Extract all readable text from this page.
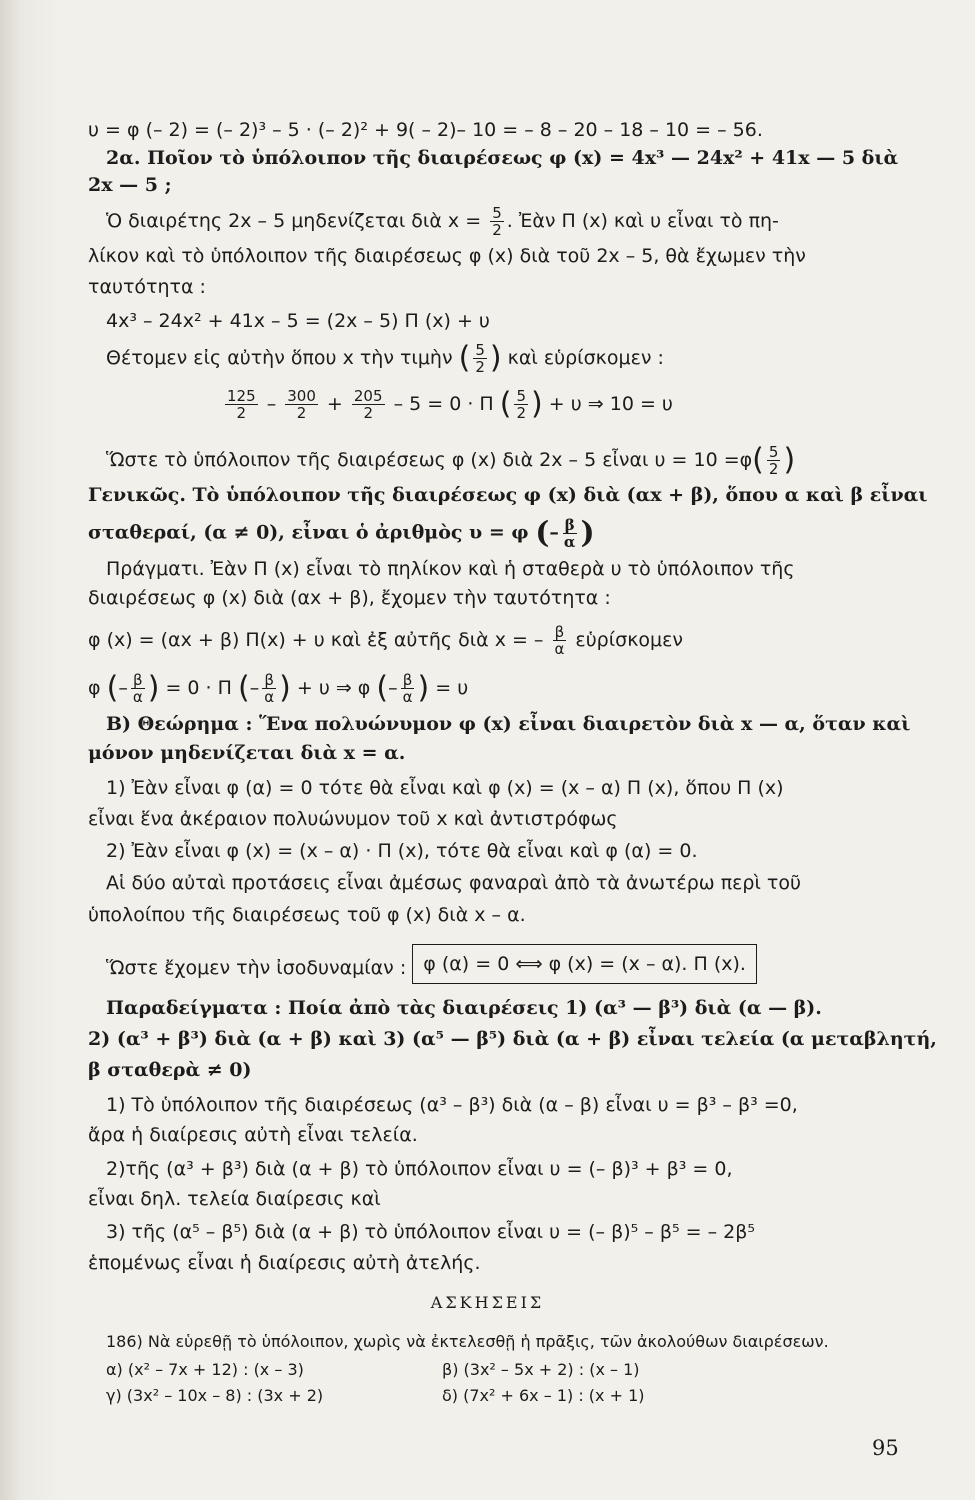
υ = φ (– 2) = (– 2)³ – 5 · (– 2)² + 9( – 2)– 10 = – 8 – 20 – 18 – 10 = – 56.
2α. Ποῖον τὸ ὑπόλοιπον τῆς διαιρέσεως φ (x) = 4x³ — 24x² + 41x — 5 διὰ
2x — 5 ;
Ὁ διαιρέτης 2x – 5 μηδενίζεται διὰ $x = \frac{5}{2}$ . Ἐὰν Π (x) καὶ υ εἶναι τὸ πη-
λίκον καὶ τὸ ὑπόλοιπον τῆς διαιρέσεως φ (x) διὰ τοῦ 2x – 5, θὰ ἔχωμεν τὴν
ταυτότητα :
4x³ – 24x² + 41x – 5 = (2x – 5) Π (x) + υ
Θέτομεν εἰς αὐτὴν ὅπου x τὴν τιμὴν ( $\frac{5}{2}$ ) καὶ εὑρίσκομεν :
$\frac{125}{2} - \frac{300}{2} + \frac{205}{2} - 5 = 0 \cdot \Pi$ ( $\frac{5}{2}$ ) + υ ⇒ 10 = υ
Ὥστε τὸ ὑπόλοιπον τῆς διαιρέσεως φ (x) διὰ 2x – 5 εἶναι $\upsilon = 10 =\varphi( \frac{5}{2}$ )
Γενικῶς. Τὸ ὑπόλοιπον τῆς διαιρέσεως φ (x) διὰ (αx + β), ὅπου α καὶ β εἶναι
σταθεραί, (α ≠ 0), εἶναι ὁ ἀριθμὸς υ = φ (– $\frac{\beta}{\alpha}$ )
Πράγματι. Ἐὰν Π (x) εἶναι τὸ πηλίκον καὶ ἡ σταθερὰ υ τὸ ὑπόλοιπον τῆς
διαιρέσεως φ (x) διὰ (αx + β), ἔχομεν τὴν ταυτότητα :
φ (x) = (αx + β) Π(x) + υ καὶ ἐξ αὐτῆς διὰ x = – $\frac{\beta}{\alpha}$ εὑρίσκομεν
φ (– $\frac{\beta}{\alpha}$ ) = 0 · Π (– $\frac{\beta}{\alpha}$ ) + υ ⇒ φ (– $\frac{\beta}{\alpha}$ ) = υ
Β) Θεώρημα : Ἕνα πολυώνυμον φ (x) εἶναι διαιρετὸν διὰ x — α, ὅταν καὶ
μόνον μηδενίζεται διὰ x = α.
1) Ἐὰν εἶναι φ (α) = 0 τότε θὰ εἶναι καὶ φ (x) = (x – α) Π (x), ὅπου Π (x)
εἶναι ἕνα ἀκέραιον πολυώνυμον τοῦ x καὶ ἀντιστρόφως
2) Ἐὰν εἶναι φ (x) = (x – α) · Π (x), τότε θὰ εἶναι καὶ φ (α) = 0.
Αἱ δύο αὐταὶ προτάσεις εἶναι ἀμέσως φαναραὶ ἀπὸ τὰ ἀνωτέρω περὶ τοῦ
ὑπολοίπου τῆς διαιρέσεως τοῦ φ (x) διὰ x – α.
Ὥστε ἔχομεν τὴν ἰσοδυναμίαν : φ (α) = 0 ⟺ φ (x) = (x – α). Π (x).
Παραδείγματα : Ποία ἀπὸ τὰς διαιρέσεις 1) (α³ — β³) διὰ (α — β).
2) (α³ + β³) διὰ (α + β) καὶ 3) (α⁵ — β⁵) διὰ (α + β) εἶναι τελεία (α μεταβλητή,
β σταθερὰ ≠ 0)
1) Τὸ ὑπόλοιπον τῆς διαιρέσεως (α³ – β³) διὰ (α – β) εἶναι υ = β³ – β³ =0,
ἄρα ἡ διαίρεσις αὐτὴ εἶναι τελεία.
2)τῆς (α³ + β³) διὰ (α + β) τὸ ὑπόλοιπον εἶναι υ = (– β)³ + β³ = 0,
εἶναι δηλ. τελεία διαίρεσις καὶ
3) τῆς (α⁵ – β⁵) διὰ (α + β) τὸ ὑπόλοιπον εἶναι υ = (– β)⁵ – β⁵ = – 2β⁵
ἑπομένως εἶναι ἡ διαίρεσις αὐτὴ ἀτελής.
ΑΣΚΗΣΕΙΣ
186) Νὰ εὑρεθῇ τὸ ὑπόλοιπον, χωρὶς νὰ ἐκτελεσθῇ ἡ πρᾶξις, τῶν ἀκολούθων διαιρέσεων.
α) (x² – 7x + 12) : (x – 3)	β) (3x² – 5x + 2) : (x – 1)
γ) (3x² – 10x – 8) : (3x + 2)	δ) (7x² + 6x – 1) : (x + 1)
95
